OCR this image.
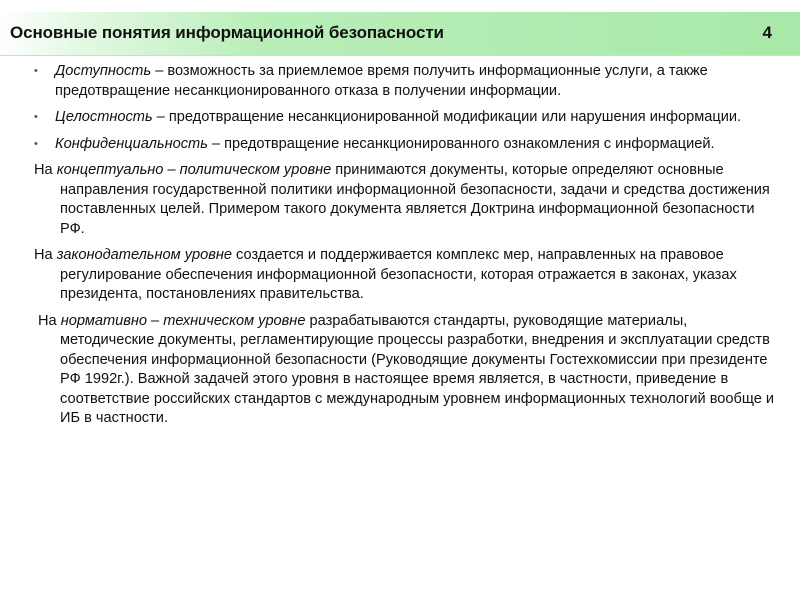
Основные понятия информационной безопасности	4
• Доступность – возможность за приемлемое время получить информационные услуги, а также предотвращение несанкционированного отказа в получении информации.
• Целостность – предотвращение несанкционированной модификации или нарушения информации.
• Конфиденциальность – предотвращение несанкционированного ознакомления с информацией.
На концептуально – политическом уровне принимаются документы, которые определяют основные направления государственной политики информационной безопасности, задачи и средства достижения поставленных целей. Примером такого документа является Доктрина информационной безопасности РФ.
На законодательном уровне создается и поддерживается комплекс мер, направленных на правовое регулирование обеспечения информационной безопасности, которая отражается в законах, указах президента, постановлениях правительства.
На нормативно – техническом уровне разрабатываются стандарты, руководящие материалы, методические документы, регламентирующие процессы разработки, внедрения и эксплуатации средств обеспечения информационной безопасности (Руководящие документы Гостехкомиссии при президенте РФ 1992г.). Важной задачей этого уровня в настоящее время является, в частности, приведение в соответствие российских стандартов с международным уровнем информационных технологий вообще и ИБ в частности.
